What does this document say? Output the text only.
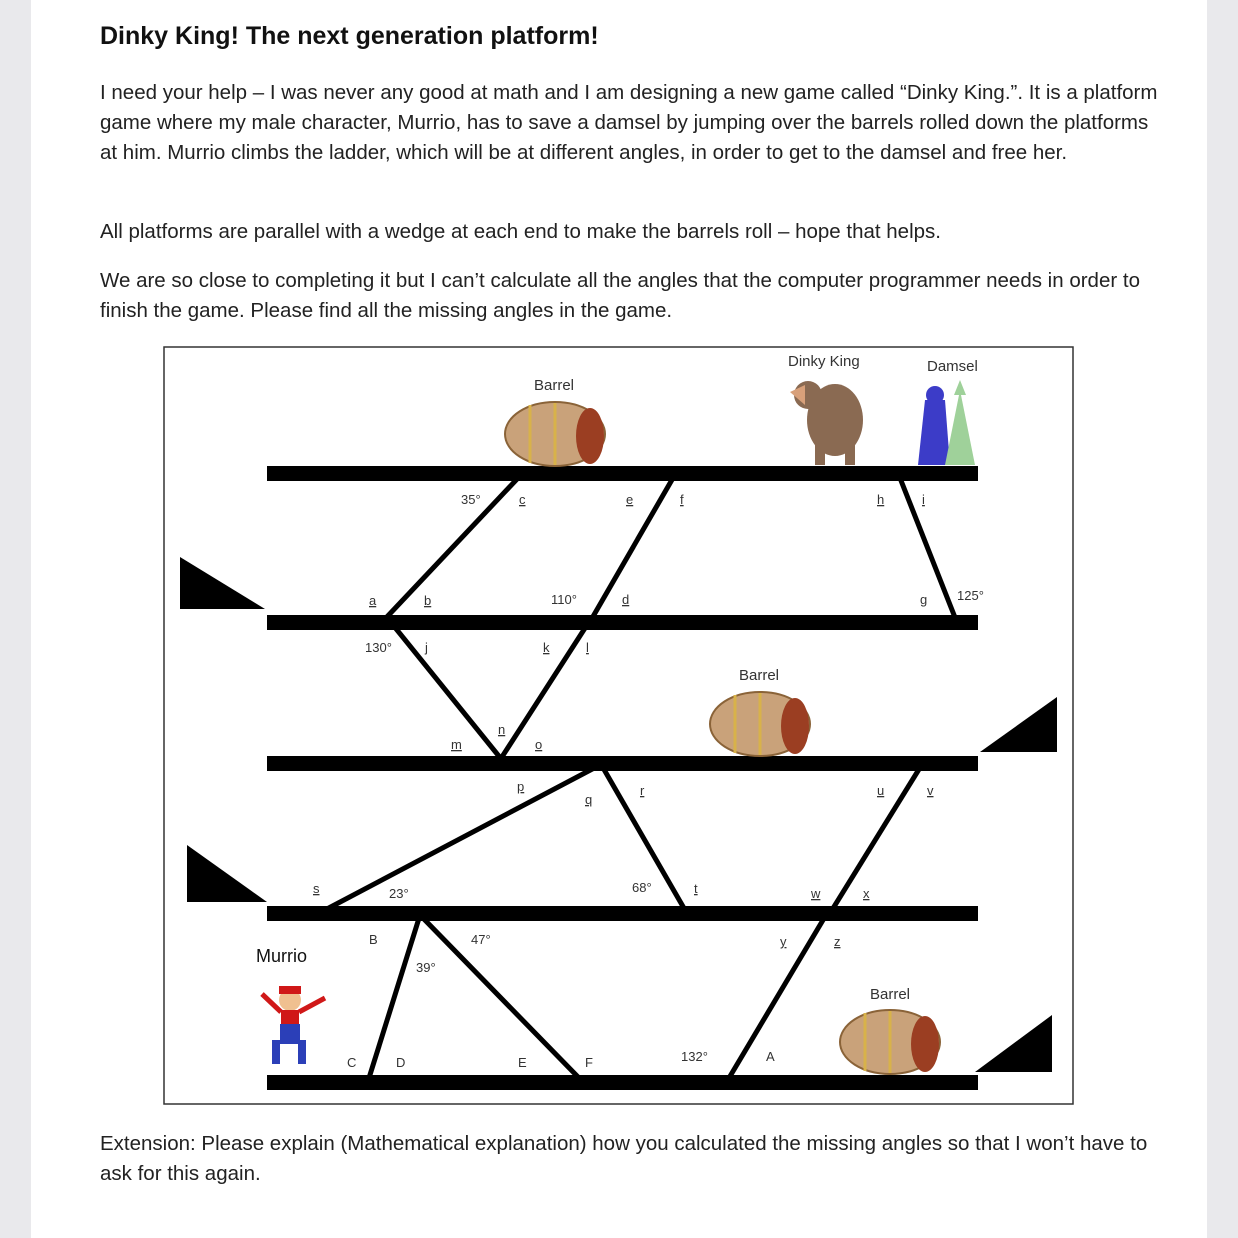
Dinky King! The next generation platform!
I need your help – I was never any good at math and I am designing a new game called “Dinky King.”. It is a platform game where my male character, Murrio, has to save a damsel by jumping over the barrels rolled down the platforms at him. Murrio climbs the ladder, which will be at different angles, in order to get to the damsel and free her.
All platforms are parallel with a wedge at each end to make the barrels roll – hope that helps.
We are so close to completing it but I can’t calculate all the angles that the computer programmer needs in order to finish the game. Please find all the missing angles in the game.
Extension: Please explain (Mathematical explanation) how you calculated the missing angles so that I won’t have to ask for this again.
Barrel
Barrel
Barrel
Dinky King	Damsel
Murrio
35°
110°	125°
130°
23°	68°
47°
39°
132°
a	b
c
d
e	f
g
h	i
j	k	l
m
n
o
p
q
r
s	t
u	v
w	x
y	z
A
B
C	D	E	F
